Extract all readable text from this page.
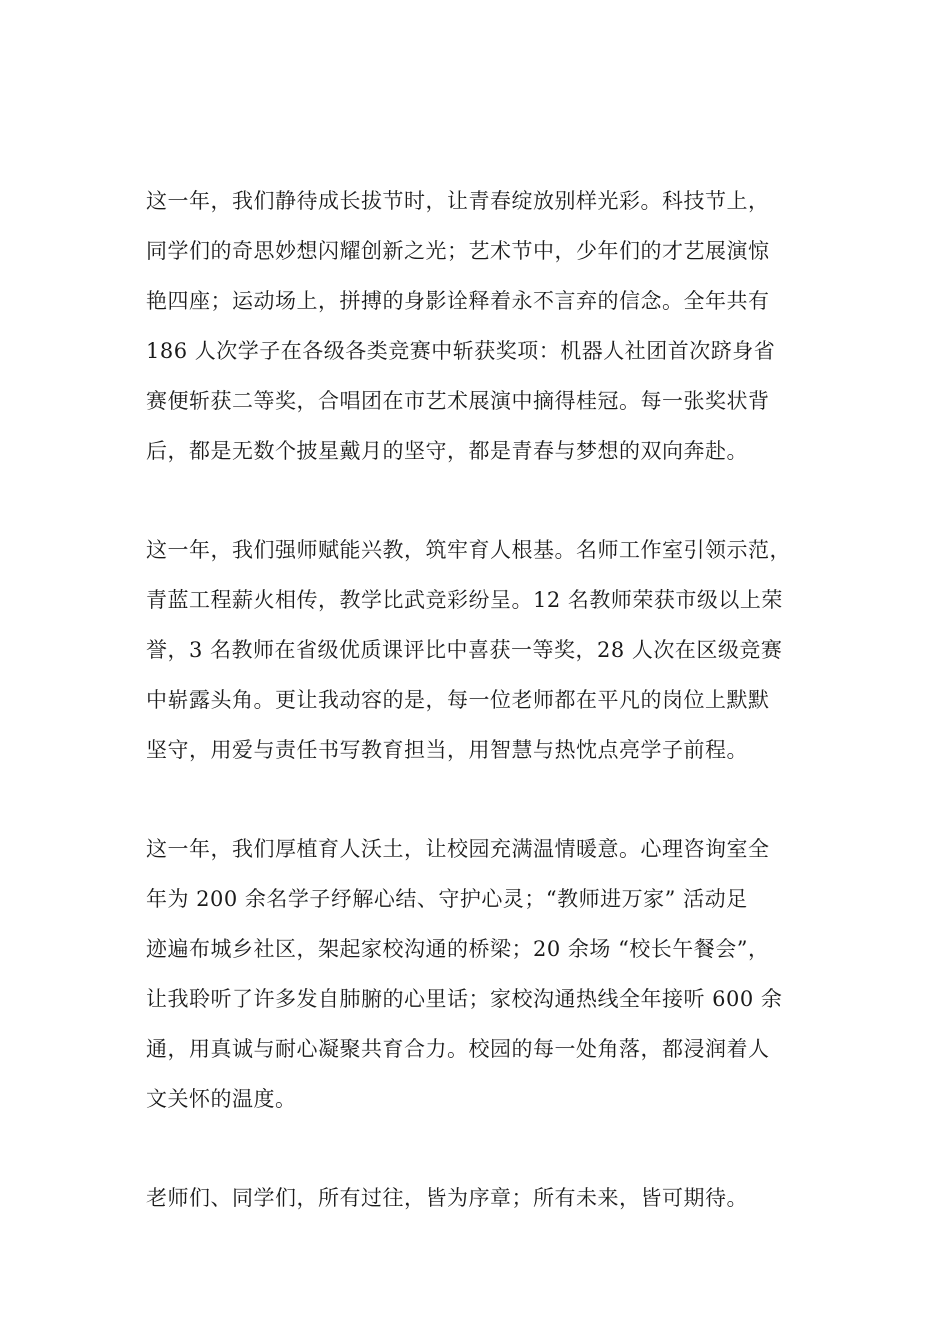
这一年，我们静待成长拔节时，让青春绽放别样光彩。科技节上，
同学们的奇思妙想闪耀创新之光；艺术节中，少年们的才艺展演惊
艳四座；运动场上，拼搏的身影诠释着永不言弃的信念。全年共有
186 人次学子在各级各类竞赛中斩获奖项：机器人社团首次跻身省
赛便斩获二等奖，合唱团在市艺术展演中摘得桂冠。每一张奖状背
后，都是无数个披星戴月的坚守，都是青春与梦想的双向奔赴。
这一年，我们强师赋能兴教，筑牢育人根基。名师工作室引领示范，
青蓝工程薪火相传，教学比武竞彩纷呈。12 名教师荣获市级以上荣
誉，3 名教师在省级优质课评比中喜获一等奖，28 人次在区级竞赛
中崭露头角。更让我动容的是，每一位老师都在平凡的岗位上默默
坚守，用爱与责任书写教育担当，用智慧与热忱点亮学子前程。
这一年，我们厚植育人沃土，让校园充满温情暖意。心理咨询室全
年为 200 余名学子纾解心结、守护心灵；“教师进万家” 活动足
迹遍布城乡社区，架起家校沟通的桥梁；20 余场 “校长午餐会”，
让我聆听了许多发自肺腑的心里话；家校沟通热线全年接听 600 余
通，用真诚与耐心凝聚共育合力。校园的每一处角落，都浸润着人
文关怀的温度。
老师们、同学们，所有过往，皆为序章；所有未来，皆可期待。
